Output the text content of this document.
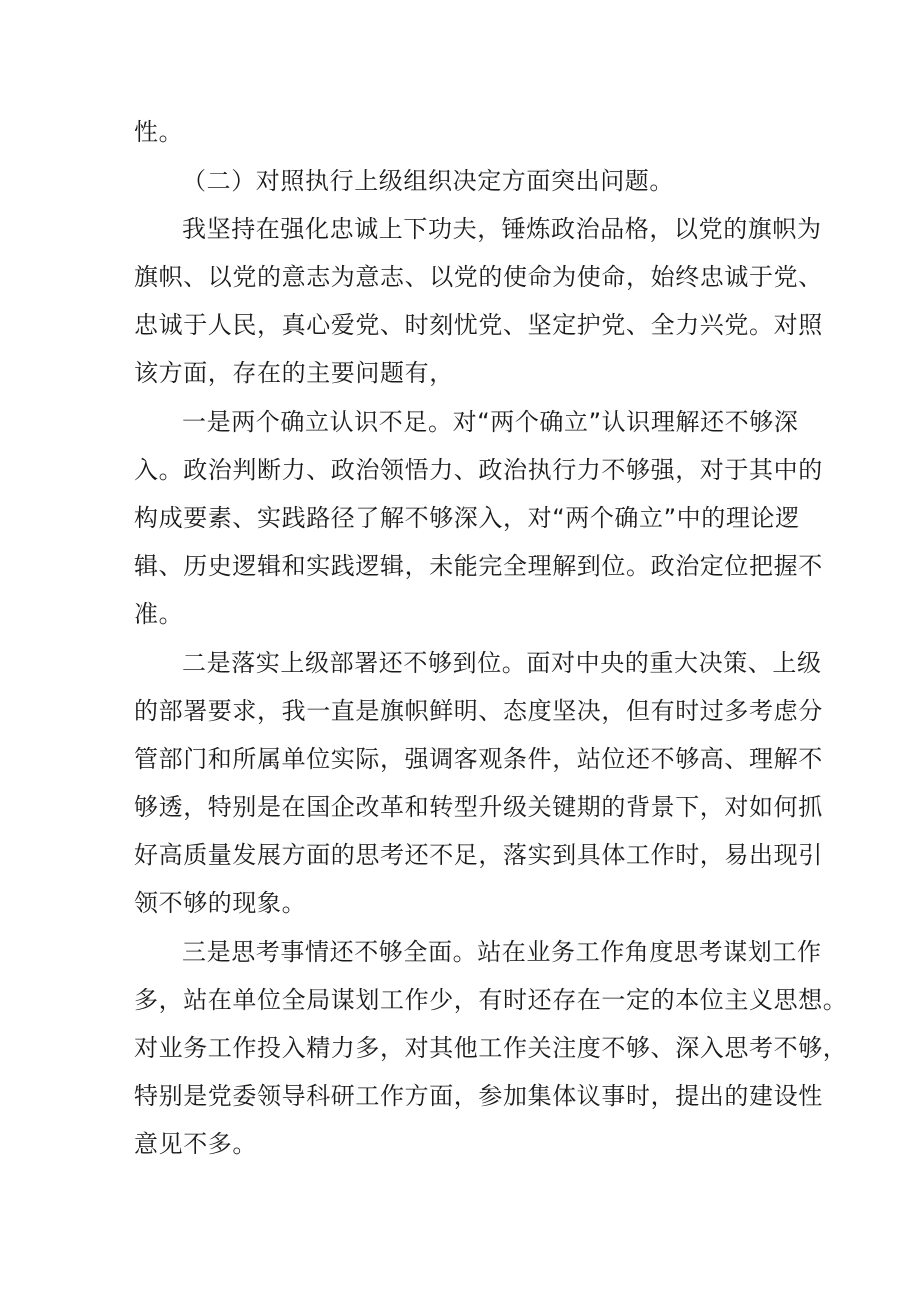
性。
（二）对照执行上级组织决定方面突出问题。
我坚持在强化忠诚上下功夫，锤炼政治品格，以党的旗帜为
旗帜、以党的意志为意志、以党的使命为使命，始终忠诚于党、
忠诚于人民，真心爱党、时刻忧党、坚定护党、全力兴党。对照
该方面，存在的主要问题有，
一是两个确立认识不足。对“两个确立”认识理解还不够深
入。政治判断力、政治领悟力、政治执行力不够强，对于其中的
构成要素、实践路径了解不够深入，对“两个确立”中的理论逻
辑、历史逻辑和实践逻辑，未能完全理解到位。政治定位把握不
准。
二是落实上级部署还不够到位。面对中央的重大决策、上级
的部署要求，我一直是旗帜鲜明、态度坚决，但有时过多考虑分
管部门和所属单位实际，强调客观条件，站位还不够高、理解不
够透，特别是在国企改革和转型升级关键期的背景下，对如何抓
好高质量发展方面的思考还不足，落实到具体工作时，易出现引
领不够的现象。
三是思考事情还不够全面。站在业务工作角度思考谋划工作
多，站在单位全局谋划工作少，有时还存在一定的本位主义思想。
对业务工作投入精力多，对其他工作关注度不够、深入思考不够，
特别是党委领导科研工作方面，参加集体议事时，提出的建设性
意见不多。
